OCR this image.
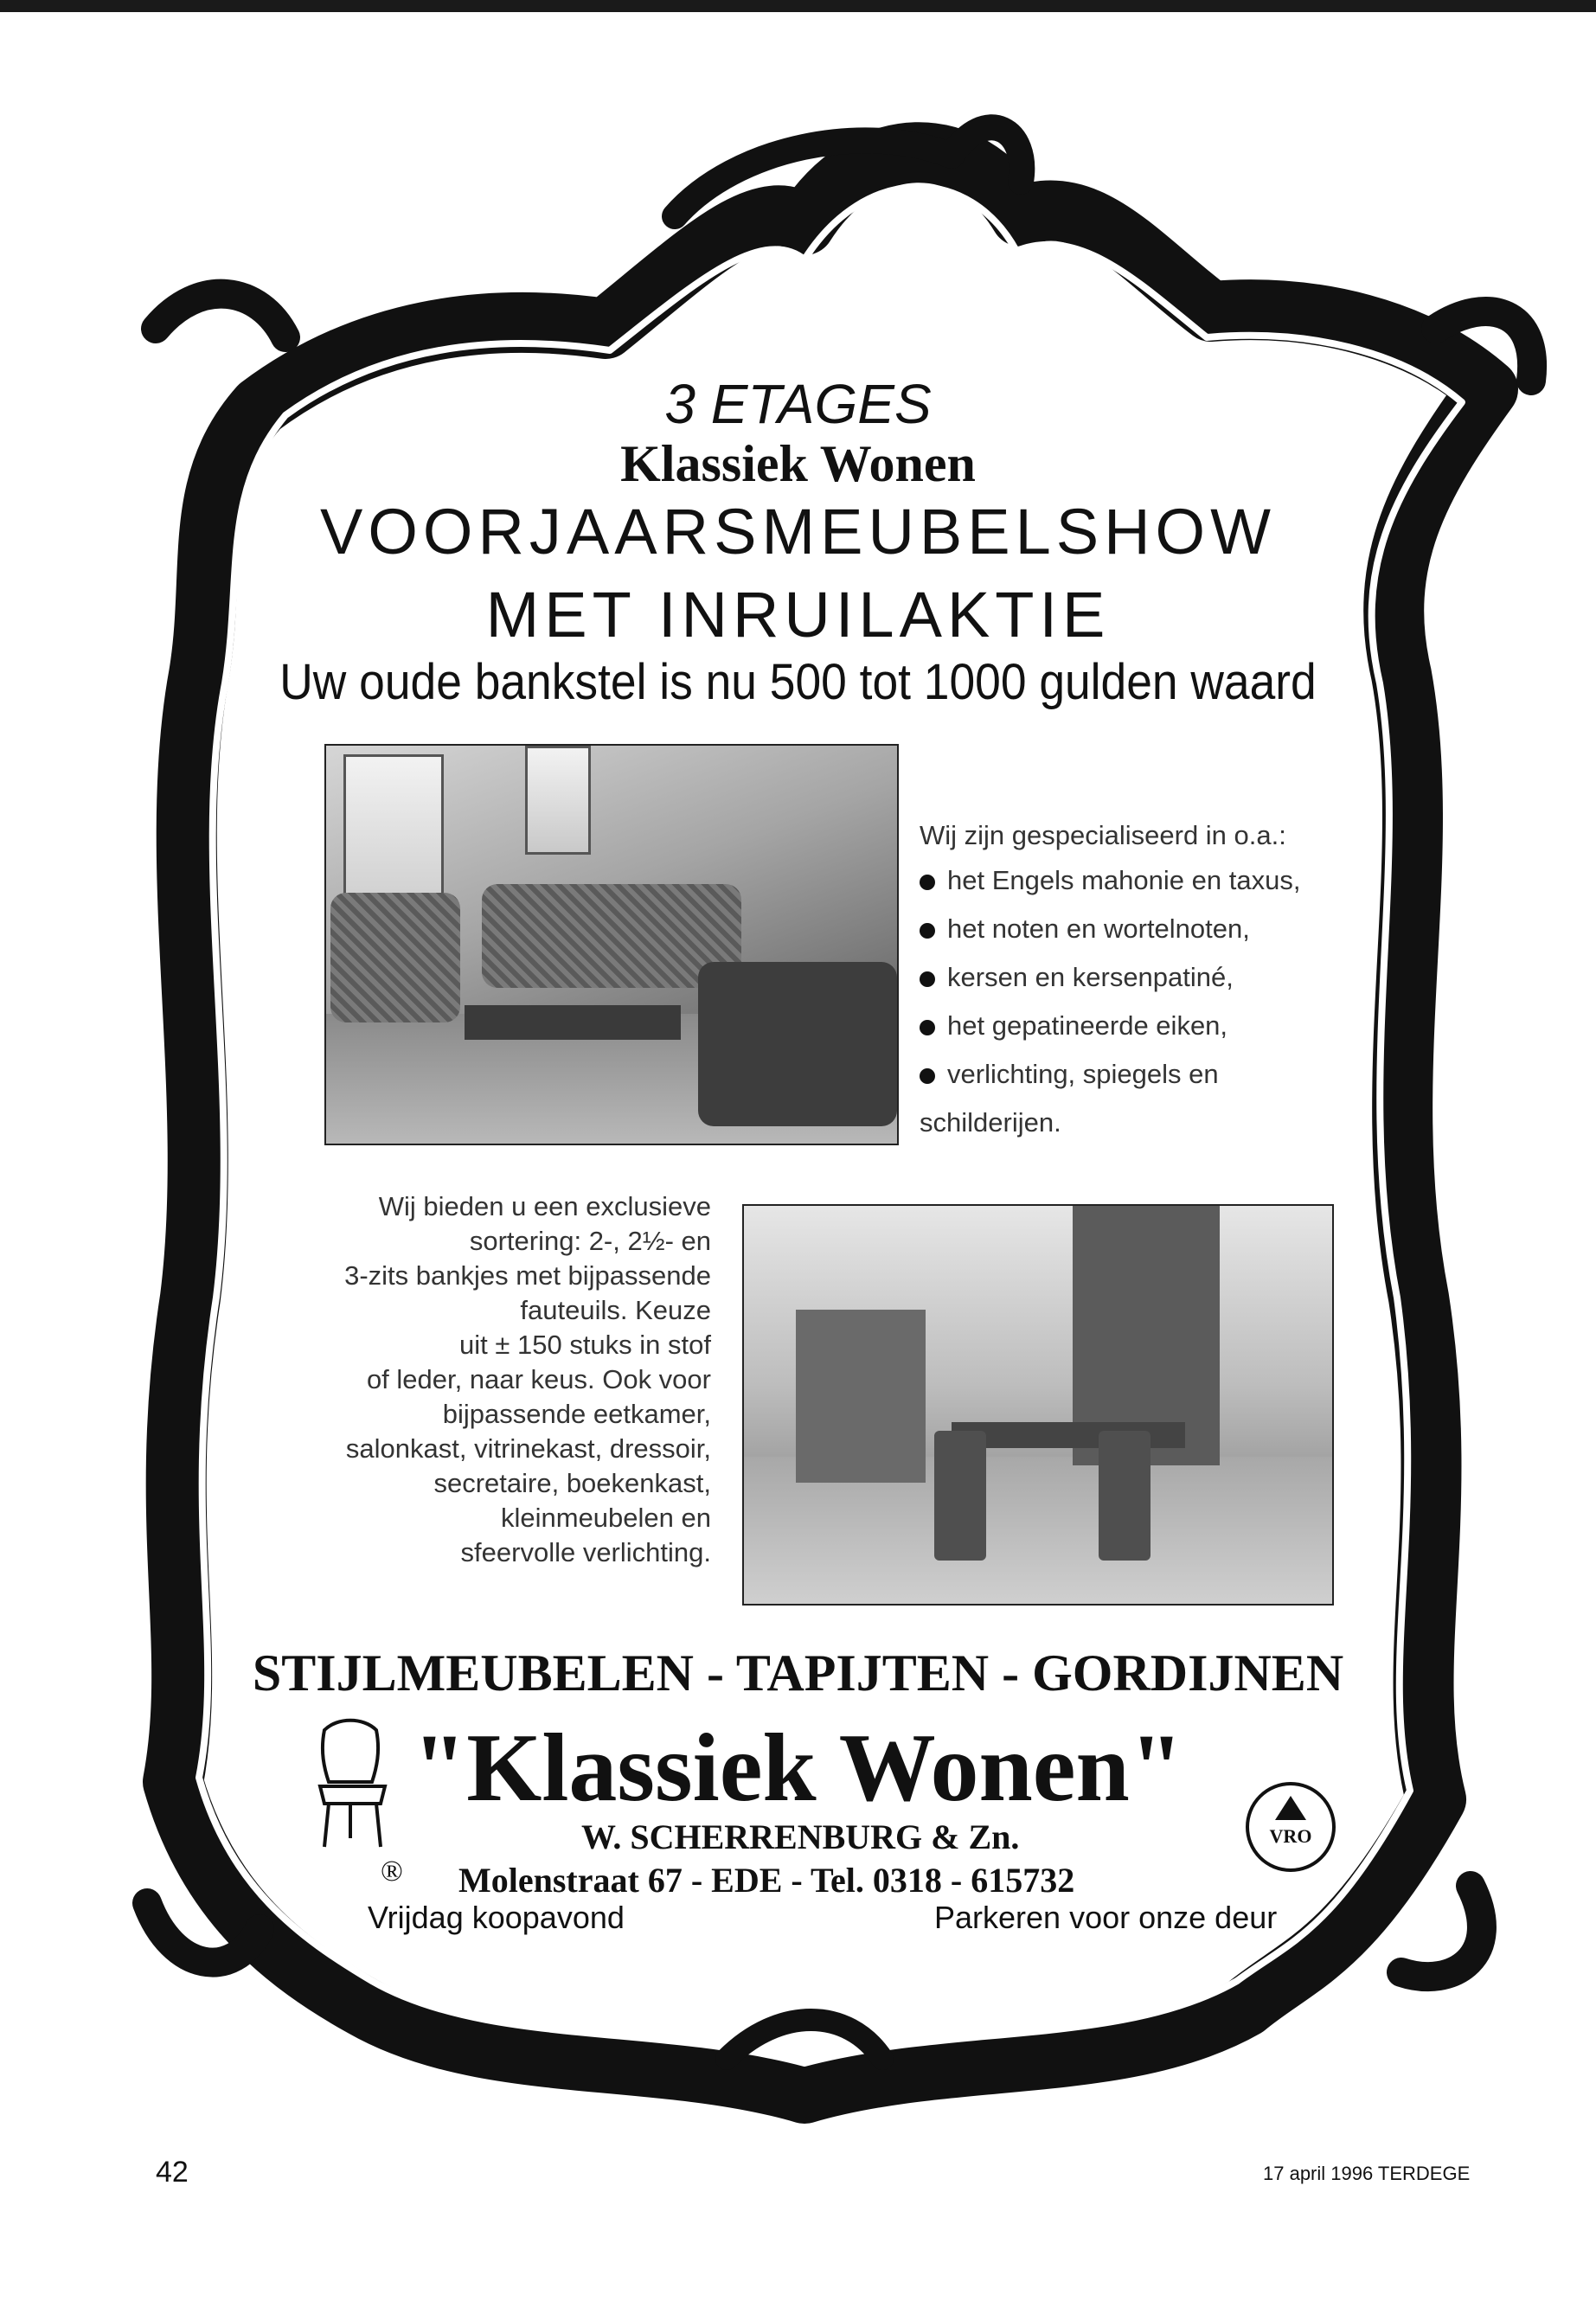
3 ETAGES
Klassiek Wonen
VOORJAARSMEUBELSHOW
MET INRUILAKTIE
Uw oude bankstel is nu 500 tot 1000 gulden waard
Wij zijn gespecialiseerd in o.a.:
het Engels mahonie en taxus,
het noten en wortelnoten,
kersen en kersenpatiné,
het gepatineerde eiken,
verlichting, spiegels en
schilderijen.
Wij bieden u een exclusieve
sortering: 2-, 2½- en
3-zits bankjes met bijpassende
fauteuils. Keuze
uit ± 150 stuks in stof
of leder, naar keus. Ook voor
bijpassende eetkamer,
salonkast, vitrinekast, dressoir,
secretaire, boekenkast,
kleinmeubelen en
sfeervolle verlichting.
STIJLMEUBELEN - TAPIJTEN - GORDIJNEN
"Klassiek Wonen"
VRO
W. SCHERRENBURG & Zn.
® Molenstraat 67 - EDE - Tel. 0318 - 615732
Vrijdag koopavond	Parkeren voor onze deur
42	17 april 1996 TERDEGE
